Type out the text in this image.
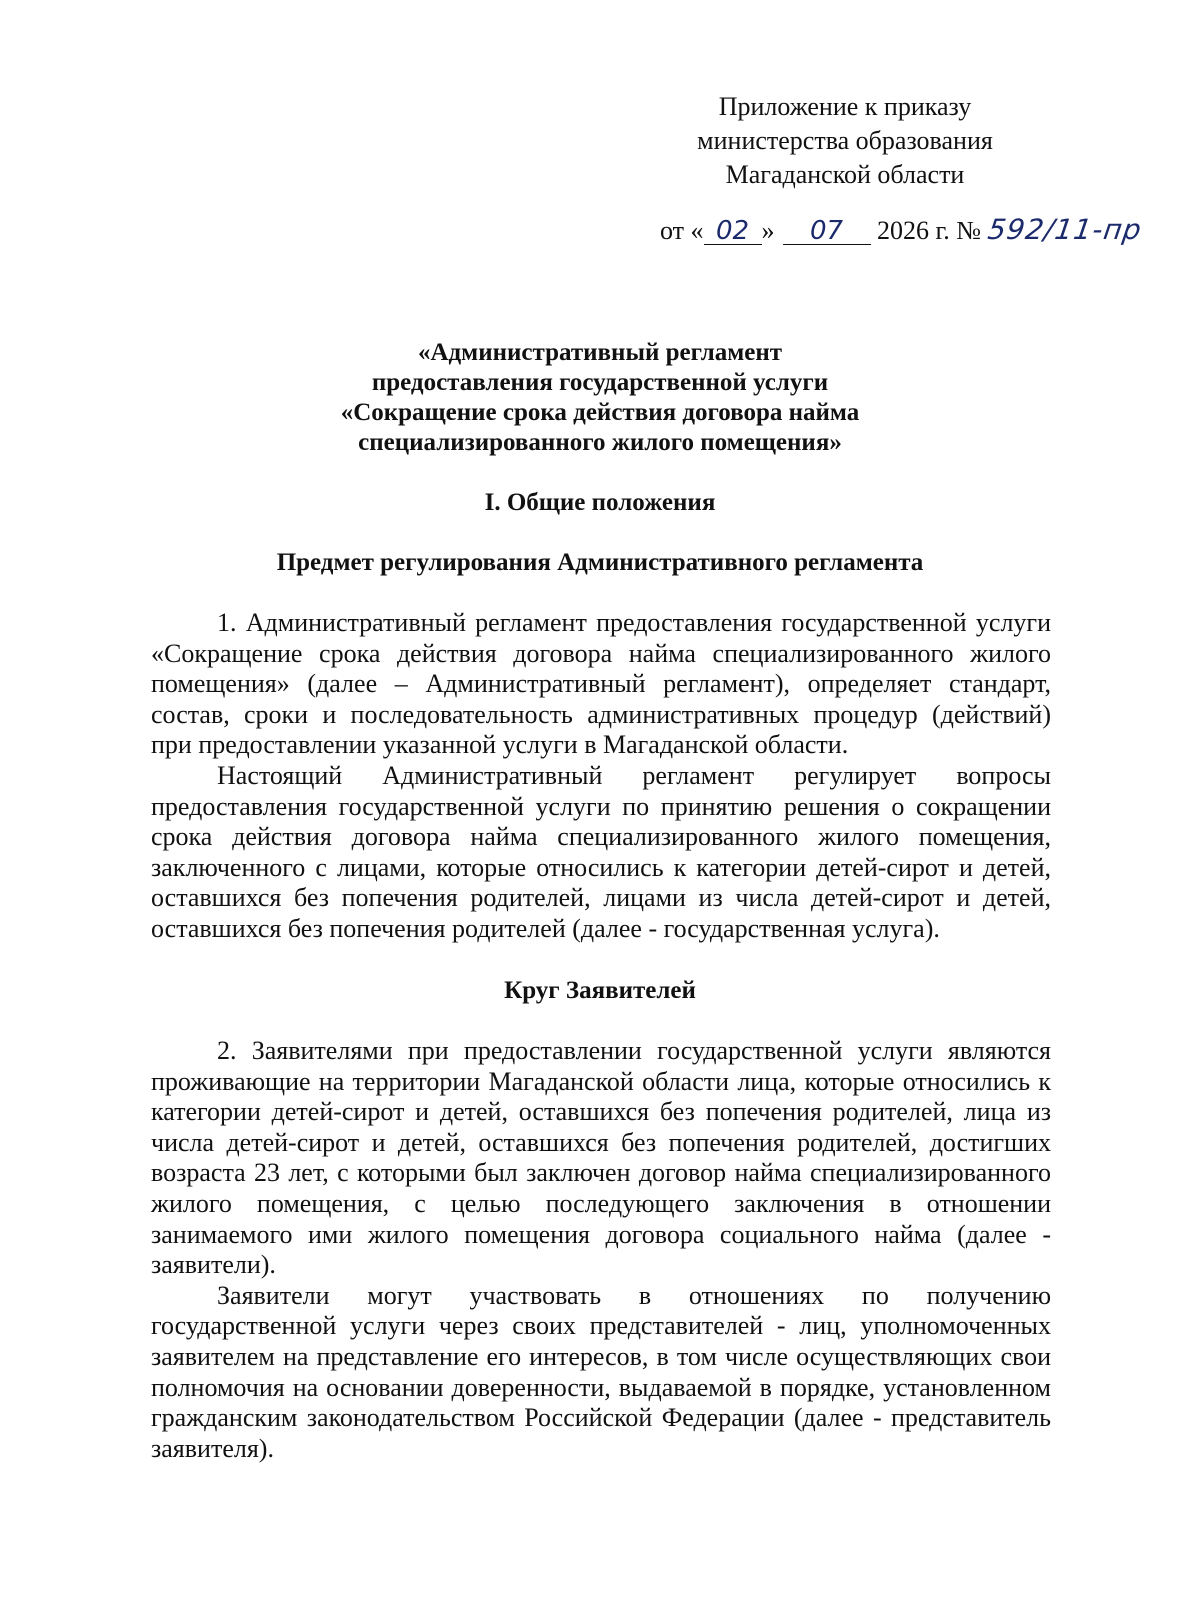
Приложение к приказу
министерства образования
Магаданской области
от « 02 » 07 2026 г. № 592/11-пр
«Административный регламент
предоставления государственной услуги
«Сокращение срока действия договора найма
специализированного жилого помещения»
I. Общие положения
Предмет регулирования Административного регламента

1. Административный регламент предоставления государственной услуги «Сокращение срока действия договора найма специализированного жилого помещения» (далее – Административный регламент), определяет стандарт, состав, сроки и последовательность административных процедур (действий) при предоставлении указанной услуги в Магаданской области.

Настоящий Административный регламент регулирует вопросы предоставления государственной услуги по принятию решения о сокращении срока действия договора найма специализированного жилого помещения, заключенного с лицами, которые относились к категории детей-сирот и детей, оставшихся без попечения родителей, лицами из числа детей-сирот и детей, оставшихся без попечения родителей (далее - государственная услуга).

Круг Заявителей

2. Заявителями при предоставлении государственной услуги являются проживающие на территории Магаданской области лица, которые относились к категории детей-сирот и детей, оставшихся без попечения родителей, лица из числа детей-сирот и детей, оставшихся без попечения родителей, достигших возраста 23 лет, с которыми был заключен договор найма специализированного жилого помещения, с целью последующего заключения в отношении занимаемого ими жилого помещения договора социального найма (далее - заявители).

Заявители могут участвовать в отношениях по получению государственной услуги через своих представителей - лиц, уполномоченных заявителем на представление его интересов, в том числе осуществляющих свои полномочия на основании доверенности, выдаваемой в порядке, установленном гражданским законодательством Российской Федерации (далее - представитель заявителя).
